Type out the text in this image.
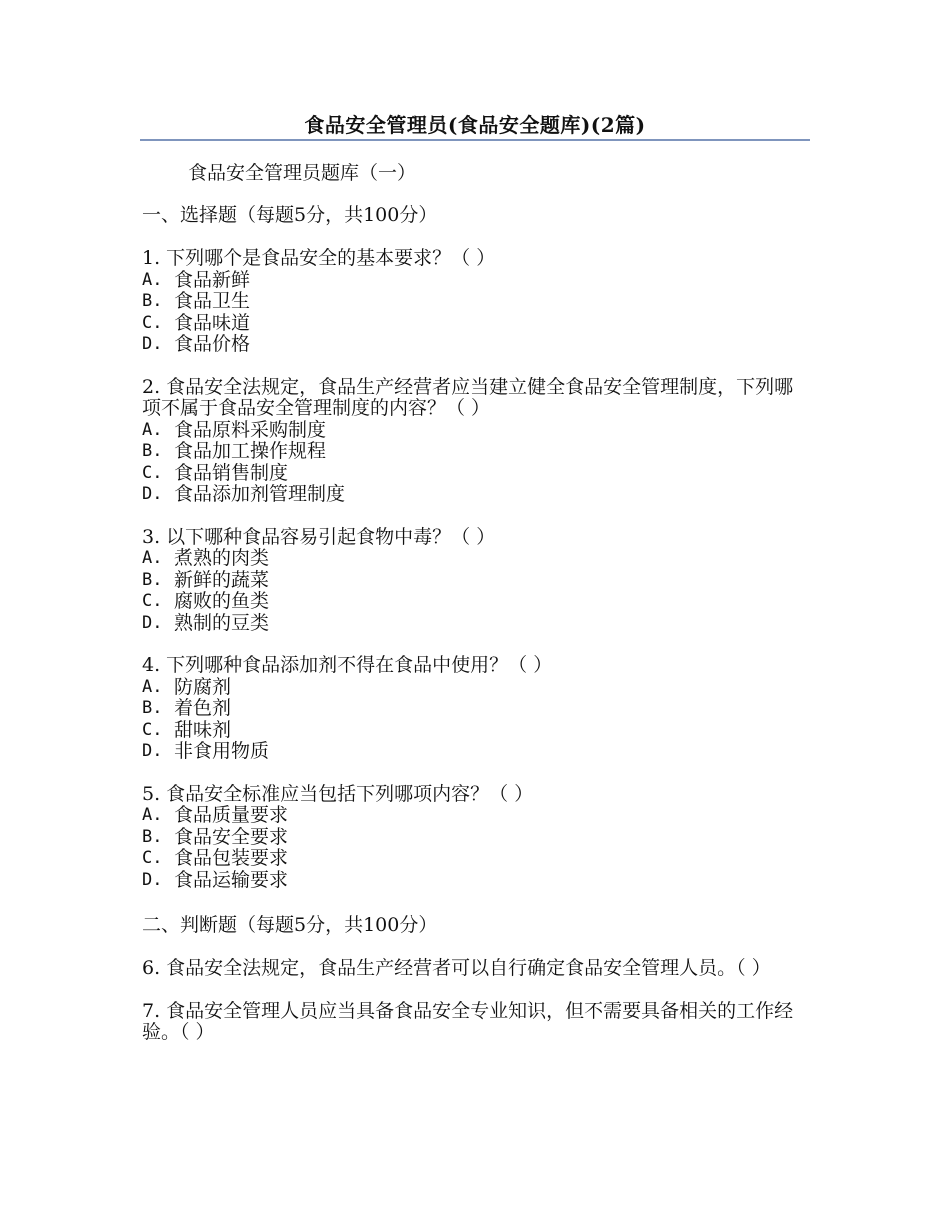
食品安全管理员(食品安全题库)(2篇)

食品安全管理员题库（一）

一、选择题（每题5分，共100分）

1. 下列哪个是食品安全的基本要求？（ ）

A. 食品新鲜
B. 食品卫生
C. 食品味道
D. 食品价格

2. 食品安全法规定，食品生产经营者应当建立健全食品安全管理制度，下列哪项不属于食品安全管理制度的内容？（ ）

A. 食品原料采购制度
B. 食品加工操作规程
C. 食品销售制度
D. 食品添加剂管理制度

3. 以下哪种食品容易引起食物中毒？（ ）

A. 煮熟的肉类
B. 新鲜的蔬菜
C. 腐败的鱼类
D. 熟制的豆类

4. 下列哪种食品添加剂不得在食品中使用？（ ）

A. 防腐剂
B. 着色剂
C. 甜味剂
D. 非食用物质

5. 食品安全标准应当包括下列哪项内容？（ ）

A. 食品质量要求
B. 食品安全要求
C. 食品包装要求
D. 食品运输要求

二、判断题（每题5分，共100分）

6. 食品安全法规定，食品生产经营者可以自行确定食品安全管理人员。（ ）

7. 食品安全管理人员应当具备食品安全专业知识，但不需要具备相关的工作经验。（ ）
